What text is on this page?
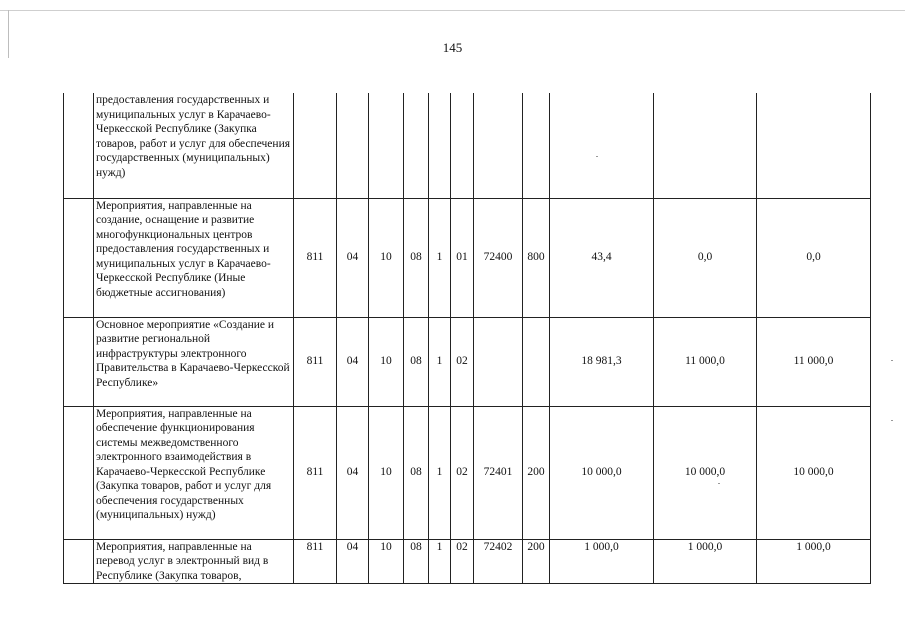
145
	предоставления государственных и муниципальных услуг в Карачаево-Черкесской Республике (Закупка товаров, работ и услуг для обеспечения государственных (муниципальных) нужд)											
	Мероприятия, направленные на создание, оснащение и развитие многофункциональных центров предоставления государственных и муниципальных услуг в Карачаево-Черкесской Республике (Иные бюджетные ассигнования)	811	04	10	08	1	01	72400	800	43,4	0,0	0,0
	Основное мероприятие «Создание и развитие региональной инфраструктуры электронного Правительства в Карачаево-Черкесской Республике»	811	04	10	08	1	02			18 981,3	11 000,0	11 000,0
	Мероприятия, направленные на обеспечение функционирования системы межведомственного электронного взаимодействия в Карачаево-Черкесской Республике (Закупка товаров, работ и услуг для обеспечения государственных (муниципальных) нужд)	811	04	10	08	1	02	72401	200	10 000,0	10 000,0	10 000,0
	Мероприятия, направленные на перевод услуг в электронный вид в Республике (Закупка товаров,	811	04	10	08	1	02	72402	200	1 000,0	1 000,0	1 000,0
